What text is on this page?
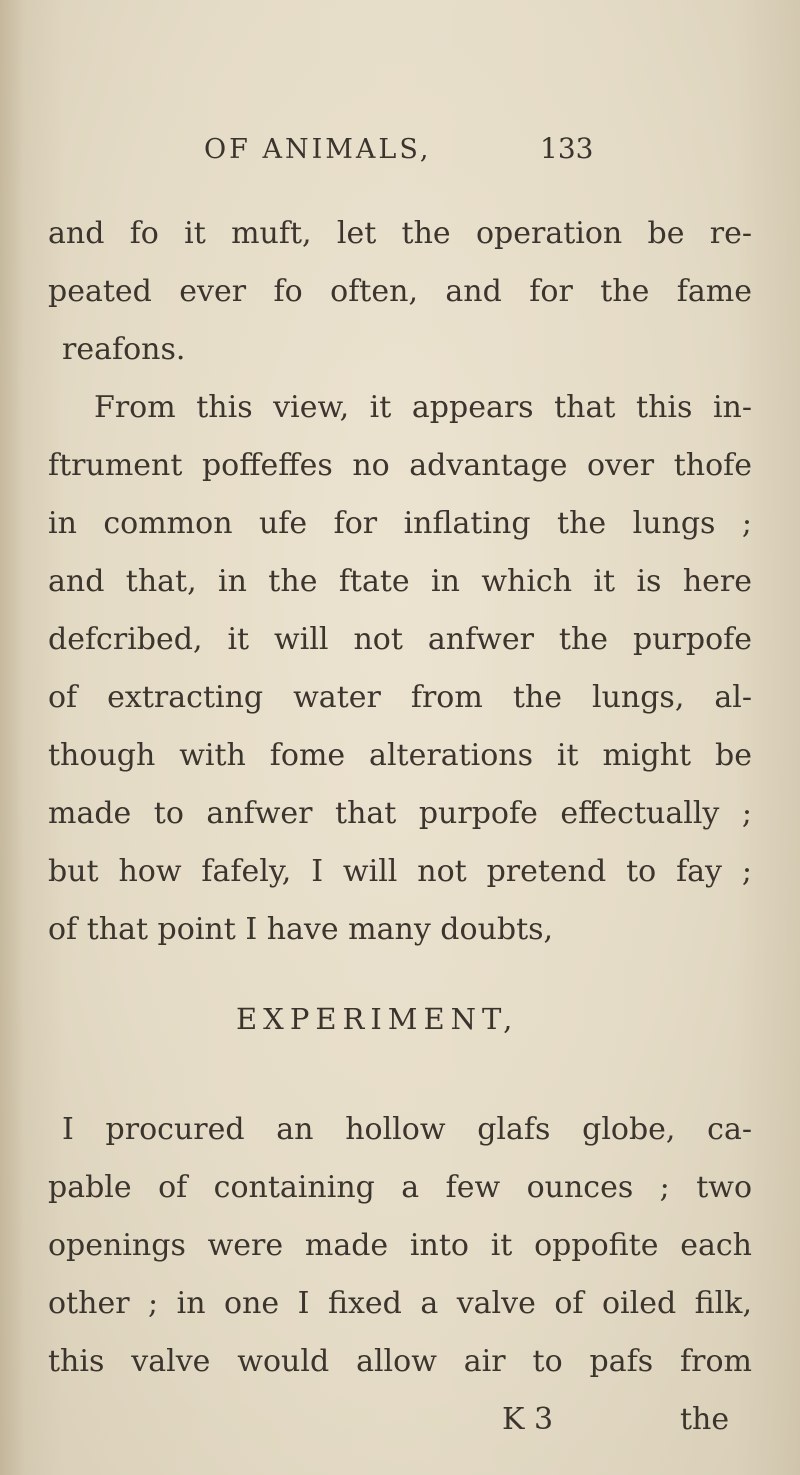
OF ANIMALS,	133
and fo it muft, let the operation be re-
peated ever fo often, and for the fame
reafons.
From this view, it appears that this in-
ftrument poffeffes no advantage over thofe
in common ufe for inflating the lungs ;
and that, in the ftate in which it is here
defcribed, it will not anfwer the purpofe
of extracting water from the lungs, al-
though with fome alterations it might be
made to anfwer that purpofe effectually ;
but how fafely, I will not pretend to fay ;
of that point I have many doubts,
EXPERIMENT,
I procured an hollow glafs globe, ca-
pable of containing a few ounces ; two
openings were made into it oppofite each
other ; in one I fixed a valve of oiled filk,
this valve would allow air to pafs from
K 3	the
